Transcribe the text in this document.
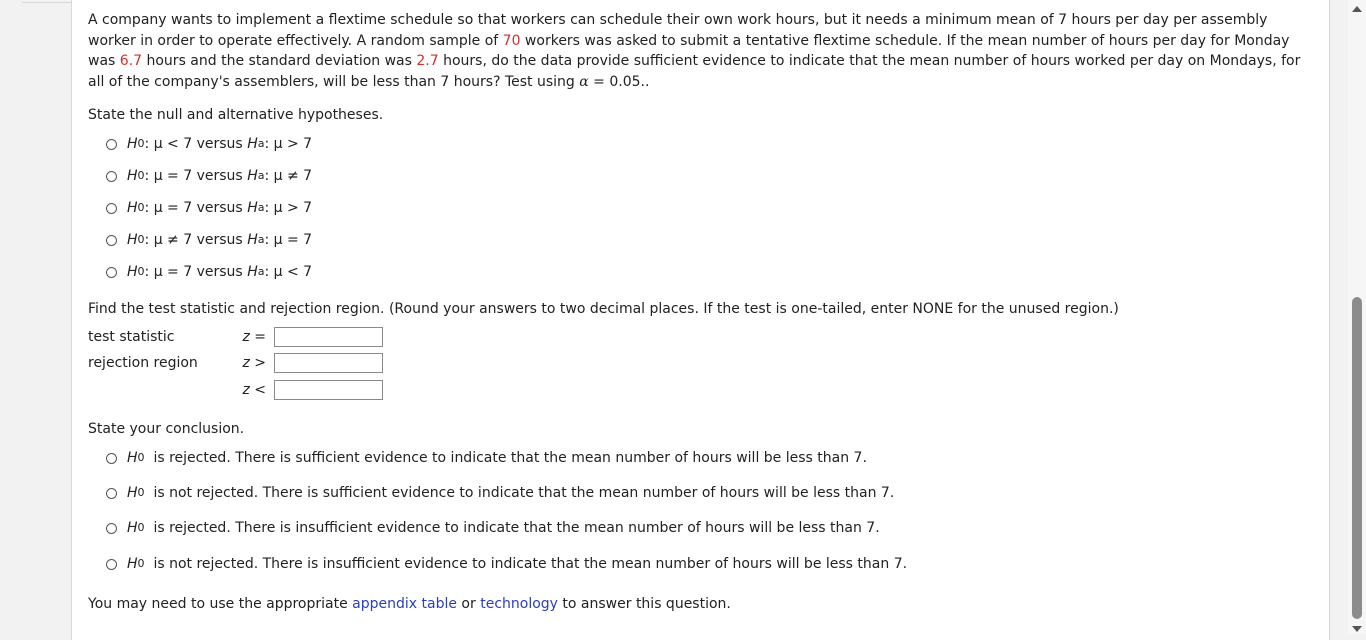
A company wants to implement a flextime schedule so that workers can schedule their own work hours, but it needs a minimum mean of 7 hours per day per assembly worker in order to operate effectively. A random sample of 70 workers was asked to submit a tentative flextime schedule. If the mean number of hours per day for Monday was 6.7 hours and the standard deviation was 2.7 hours, do the data provide sufficient evidence to indicate that the mean number of hours worked per day on Mondays, for all of the company's assemblers, will be less than 7 hours? Test using α = 0.05..
State the null and alternative hypotheses.
H 0 : μ < 7
versus
H a : μ > 7
H 0 : μ = 7
versus
H a : μ ≠ 7
H 0 : μ = 7
versus
H a : μ > 7
H 0 : μ ≠ 7
versus
H a : μ = 7
H 0 : μ = 7
versus
H a : μ < 7
Find the test statistic and rejection region. (Round your answers to two decimal places. If the test is one-tailed, enter NONE for the unused region.)
test statistic	z =
rejection region	z >
z <
State your conclusion.
H 0
is rejected. There is sufficient evidence to indicate that the mean number of hours will be less than 7.
H 0
is not rejected. There is sufficient evidence to indicate that the mean number of hours will be less than 7.
H 0
is rejected. There is insufficient evidence to indicate that the mean number of hours will be less than 7.
H 0
is not rejected. There is insufficient evidence to indicate that the mean number of hours will be less than 7.
You may need to use the appropriate appendix table or technology to answer this question.
